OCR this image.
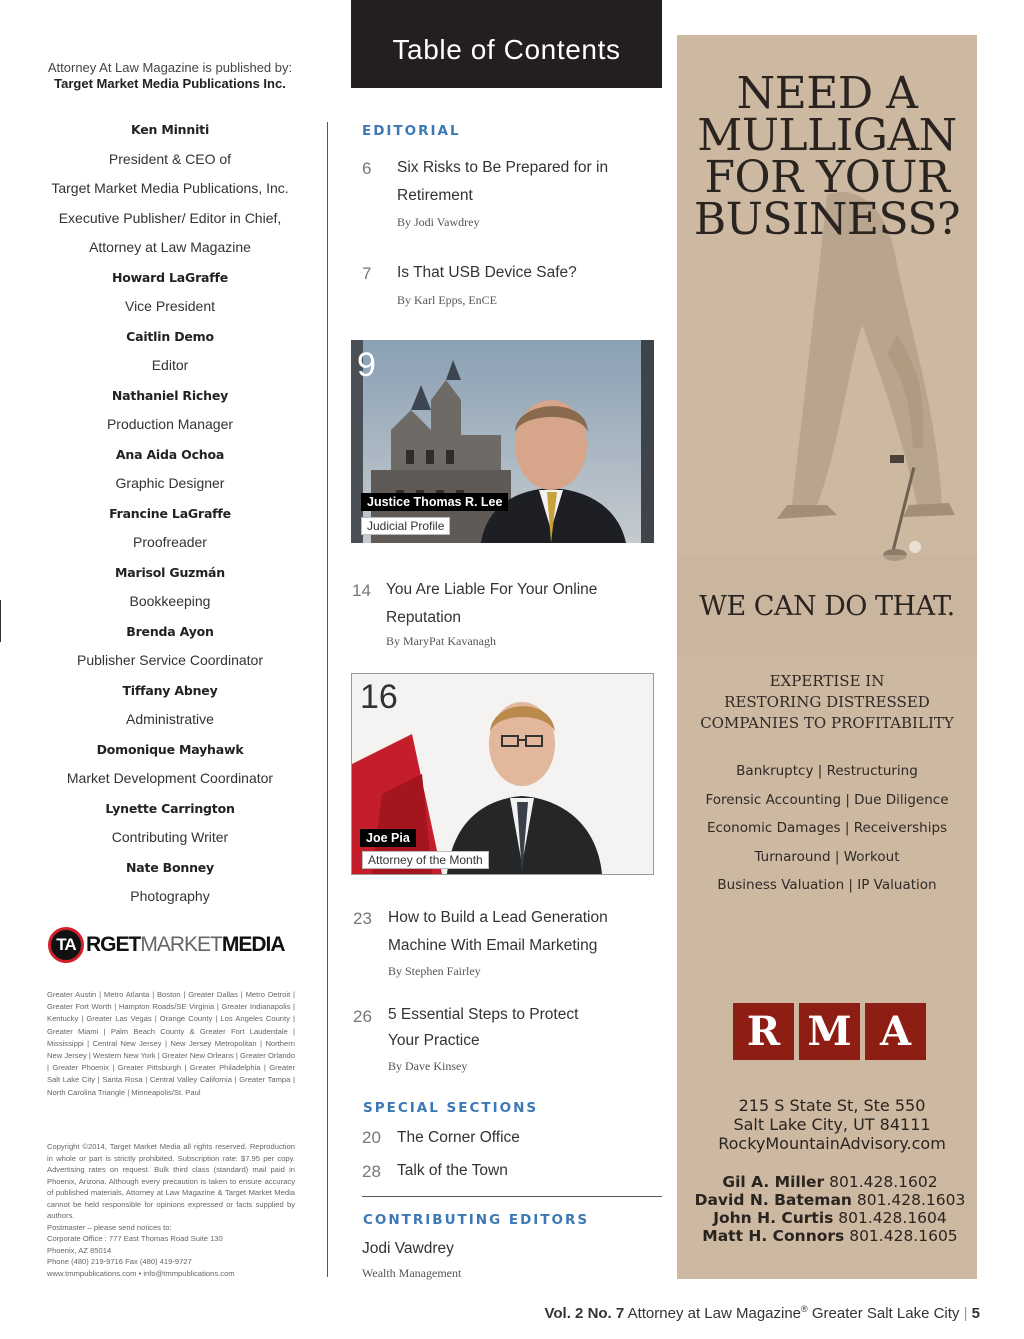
Attorney At Law Magazine is published by:
Target Market Media Publications Inc.
Ken Minniti
President & CEO of
Target Market Media Publications, Inc.
Executive Publisher/ Editor in Chief,
Attorney at Law Magazine
Howard LaGraffe
Vice President
Caitlin Demo
Editor
Nathaniel Richey
Production Manager
Ana Aida Ochoa
Graphic Designer
Francine LaGraffe
Proofreader
Marisol Guzmán
Bookkeeping
Brenda Ayon
Publisher Service Coordinator
Tiffany Abney
Administrative
Domonique Mayhawk
Market Development Coordinator
Lynette Carrington
Contributing Writer
Nate Bonney
Photography
TA RGETMARKETMEDIA
Greater Austin | Metro Atlanta | Boston | Greater Dallas | Metro Detroit | Greater Fort Worth | Hampton Roads/SE Virginia | Greater Indianapolis | Kentucky | Greater Las Vegas | Orange County | Los Angeles County | Greater Miami | Palm Beach County & Greater Fort Lauderdale | Mississippi | Central New Jersey | New Jersey Metropolitan | Northern New Jersey | Western New York | Greater New Orleans | Greater Orlando | Greater Phoenix | Greater Pittsburgh | Greater Philadelphia | Greater Salt Lake City | Santa Rosa | Central Valley California | Greater Tampa | North Carolina Triangle | Minneapolis/St. Paul
Copyright ©2014, Target Market Media all rights reserved. Reproduction in whole or part is strictly prohibited. Subscription rate: $7.95 per copy. Advertising rates on request. Bulk third class (standard) mail paid in Phoenix, Arizona. Although every precaution is taken to ensure accuracy of published materials, Attorney at Law Magazine & Target Market Media cannot be held responsible for opinions expressed or facts supplied by authors.
Postmaster – please send notices to:
Corporate Office : 777 East Thomas Road Suite 130
Phoenix, AZ 85014
Phone (480) 219-9716 Fax (480) 419-9727
www.tmmpublications.com • info@tmmpublications.com
Table of Contents
EDITORIAL
6 Six Risks to Be Prepared for in
Retirement
By Jodi Vawdrey
7 Is That USB Device Safe?
By Karl Epps, EnCE
9
Justice Thomas R. Lee
Judicial Profile
14 You Are Liable For Your Online
Reputation
By MaryPat Kavanagh
16
Joe Pia
Attorney of the Month
23 How to Build a Lead Generation
Machine With Email Marketing
By Stephen Fairley
26 5 Essential Steps to Protect
Your Practice
By Dave Kinsey
SPECIAL SECTIONS
20 The Corner Office
28 Talk of the Town
CONTRIBUTING EDITORS
Jodi Vawdrey
Wealth Management
NEED A
MULLIGAN
FOR YOUR
BUSINESS?
WE CAN DO THAT.
EXPERTISE IN
RESTORING DISTRESSED
COMPANIES TO PROFITABILITY
Bankruptcy | Restructuring
Forensic Accounting | Due Diligence
Economic Damages | Receiverships
Turnaround | Workout
Business Valuation | IP Valuation
R M A
215 S State St, Ste 550
Salt Lake City, UT 84111
RockyMountainAdvisory.com
Gil A. Miller 801.428.1602
David N. Bateman 801.428.1603
John H. Curtis 801.428.1604
Matt H. Connors 801.428.1605
Vol. 2 No. 7 Attorney at Law Magazine® Greater Salt Lake City | 5
